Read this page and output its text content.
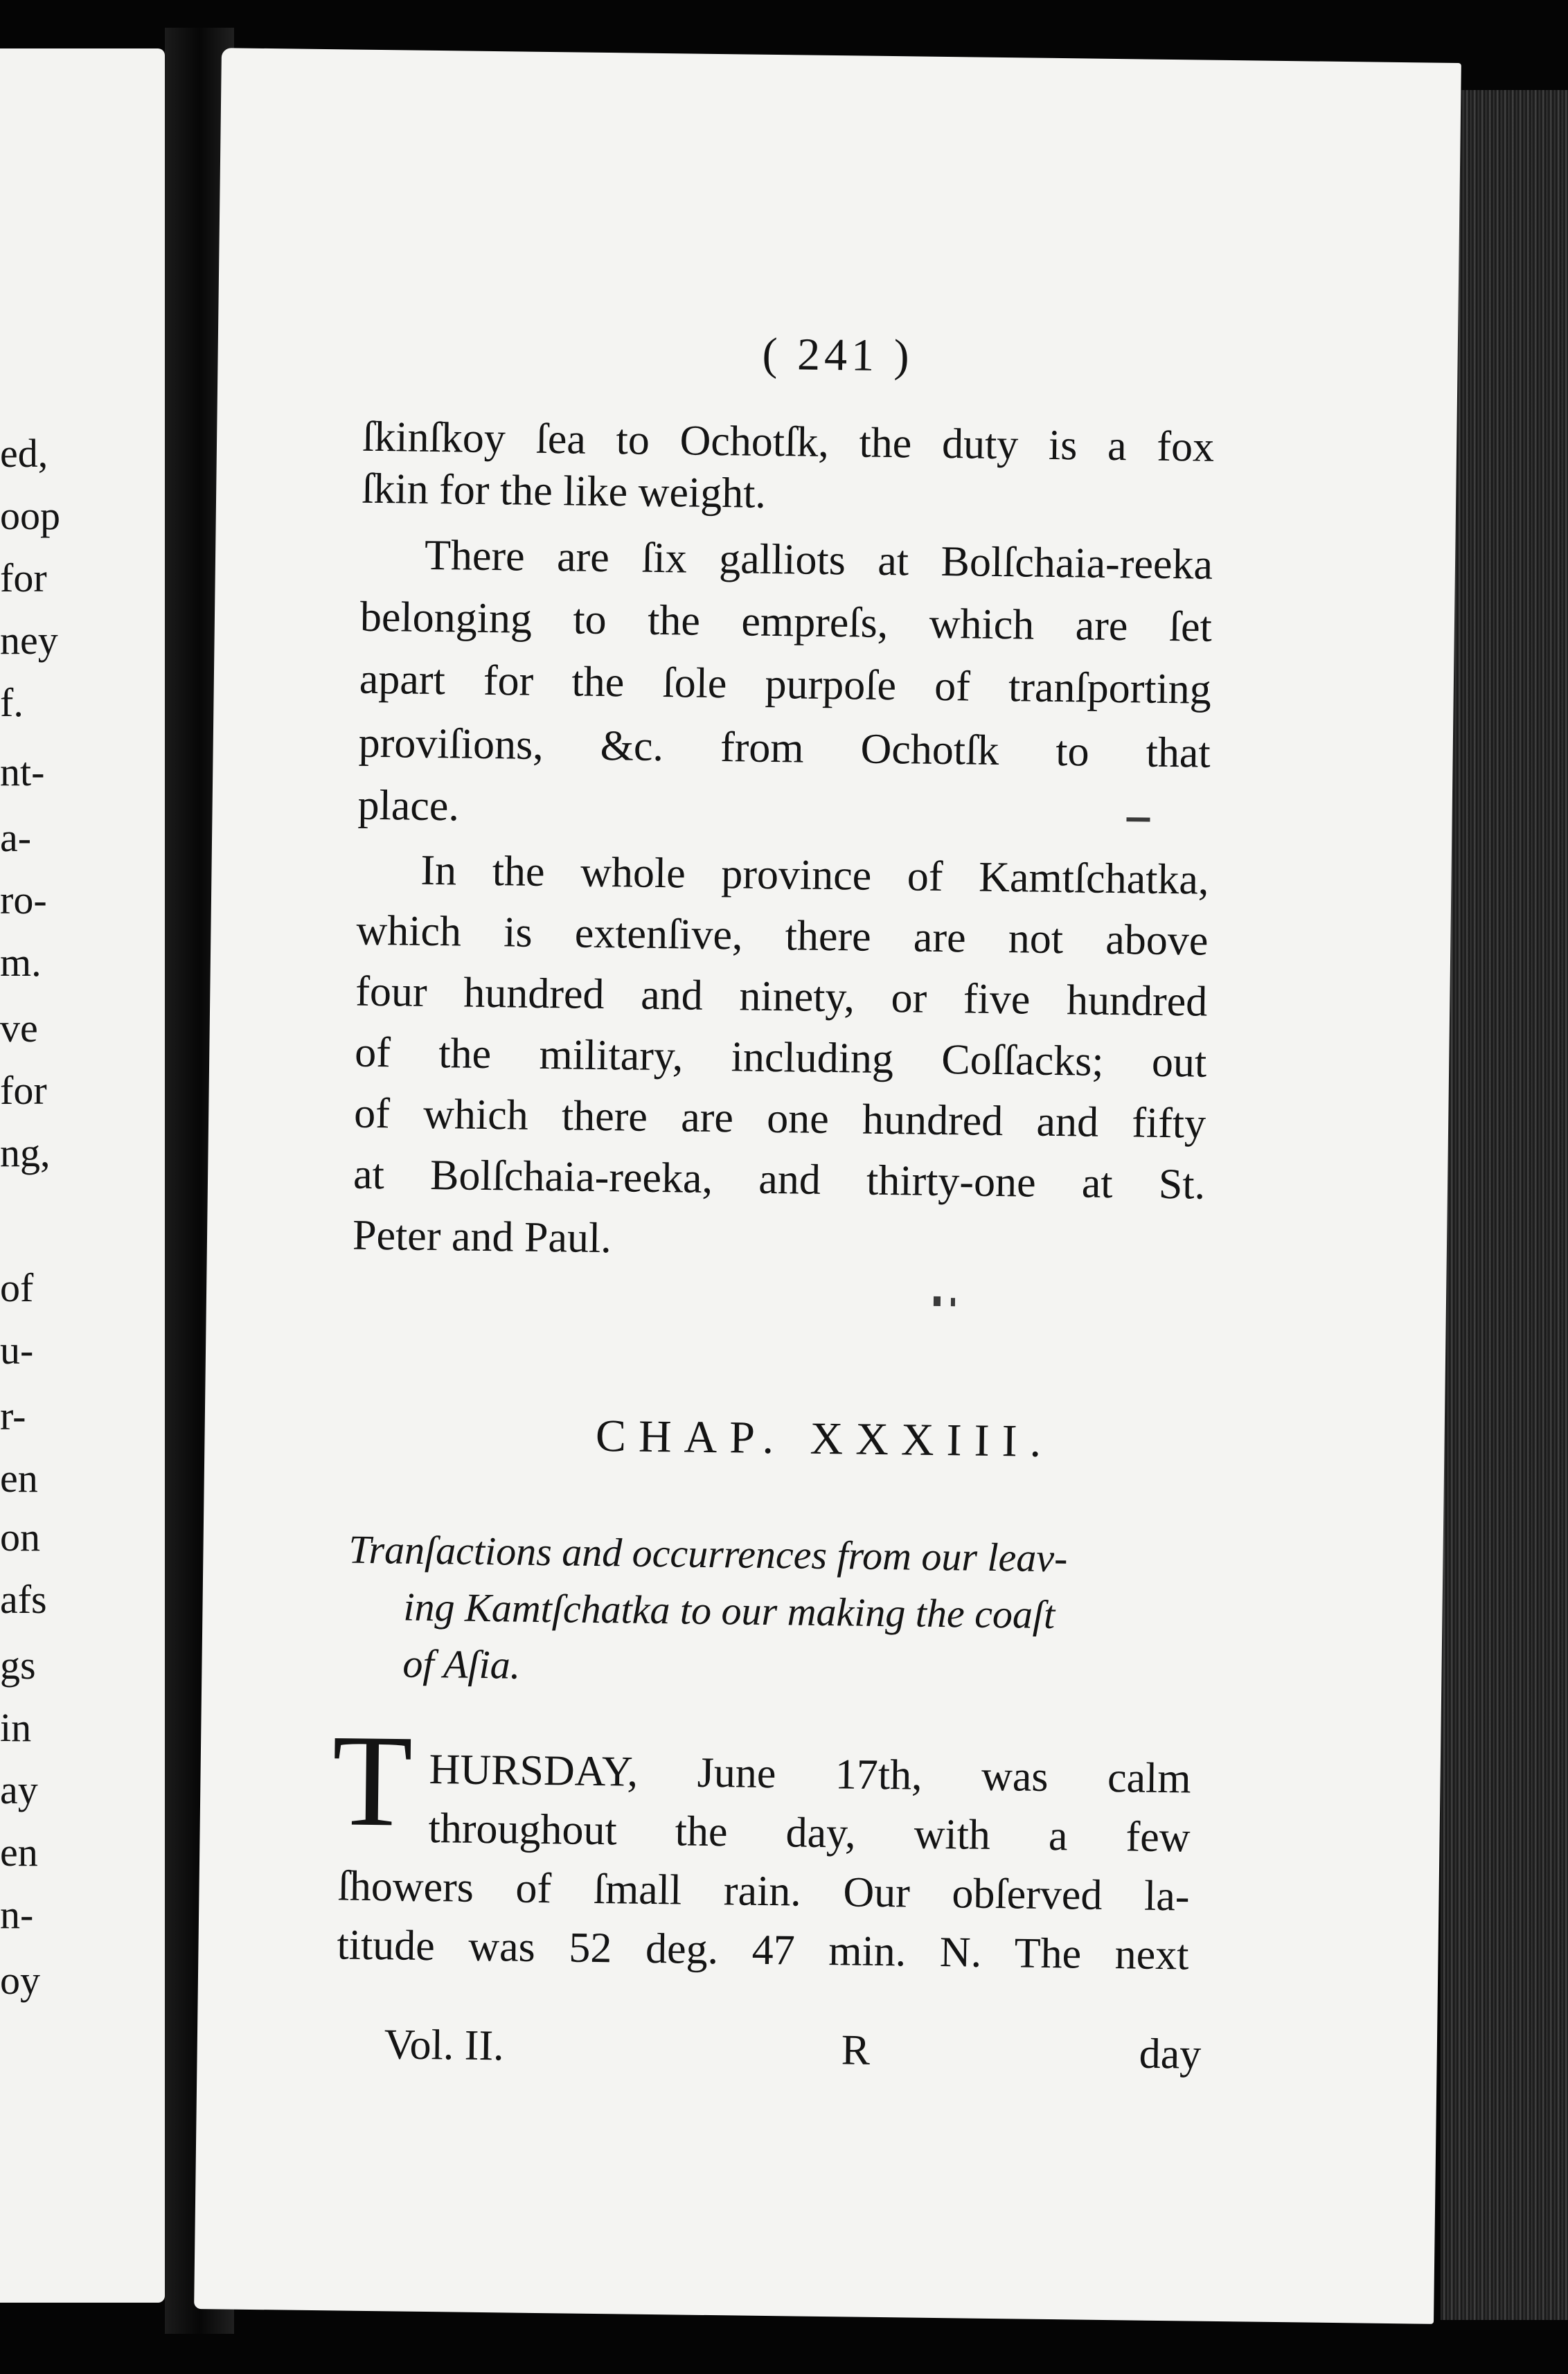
ed,
oop
for
ney
f.
nt-
a-
ro-
m.
ve
for
ng,
of
u-
r-
en
on
afs
gs
in
ay
en
n-
oy
( 241 )
ſkinſkoy ſea to Ochotſk, the duty is a fox
ſkin for the like weight.
There are ſix galliots at Bolſchaia-reeka
belonging to the empreſs, which are ſet
apart for the ſole purpoſe of tranſporting
proviſions, &c. from Ochotſk to that
place.
In the whole province of Kamtſchatka,
which is extenſive, there are not above
four hundred and ninety, or five hundred
of the military, including Coſſacks; out
of which there are one hundred and fifty
at Bolſchaia-reeka, and thirty-one at St.
Peter and Paul.
CHAP. XXXIII.
Tranſactions and occurrences from our leav-
ing Kamtſchatka to our making the coaſt
of Aſia.
T HURSDAY, June 17th, was calm
throughout the day, with a few
ſhowers of ſmall rain. Our obſerved la-
titude was 52 deg. 47 min. N. The next
Vol. II.	R	day
